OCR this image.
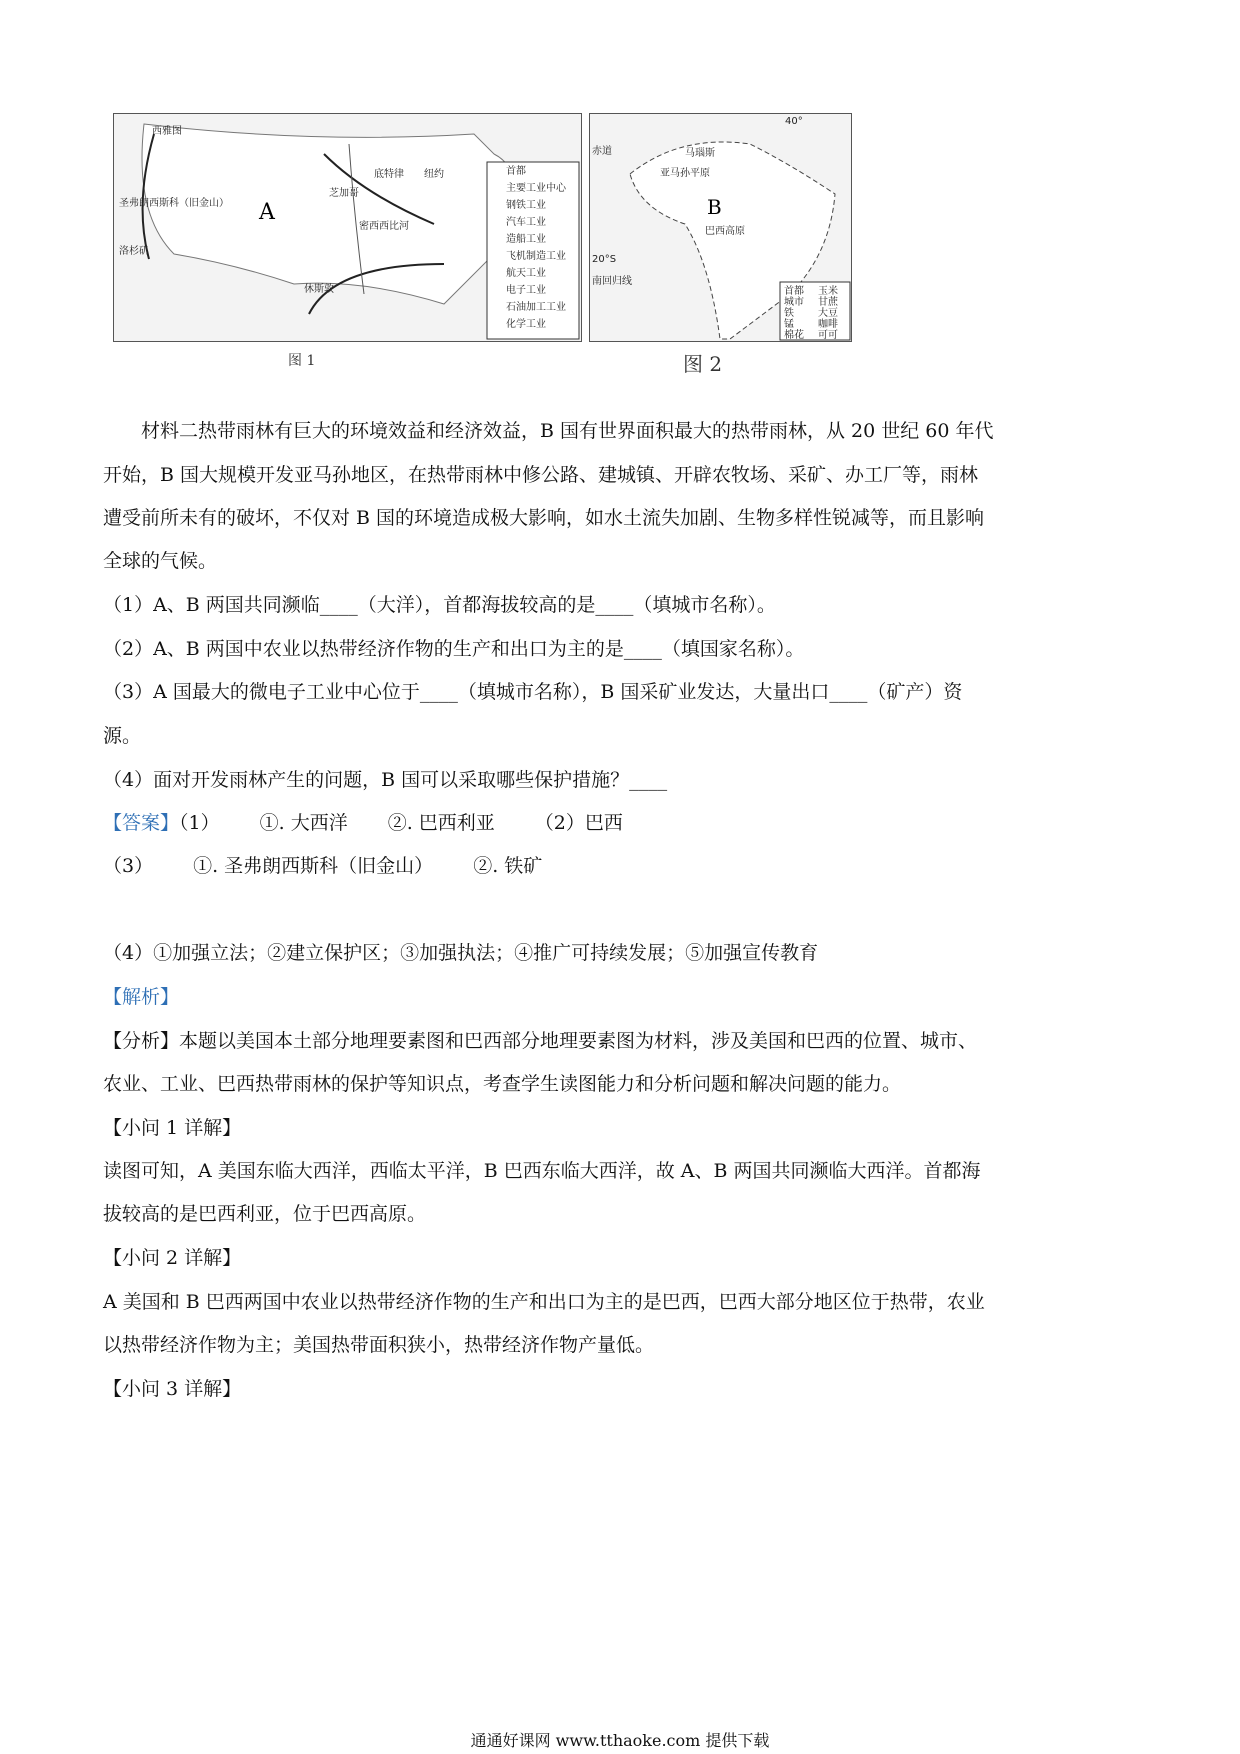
A
西雅图
圣弗朗西斯科（旧金山）
洛杉矶
芝加哥
底特律 纽约
休斯敦
密西西比河
首都
主要工业中心
钢铁工业
汽车工业
造船工业
飞机制造工业
航天工业
电子工业
石油加工工业
化学工业
图 1
B
马瑙斯
亚马孙平原
巴西高原
赤道
20°S
南回归线
40°
首都
城市
铁
锰
棉花
玉米
甘蔗
大豆
咖啡
可可
图 2
材料二热带雨林有巨大的环境效益和经济效益，B 国有世界面积最大的热带雨林，从 20 世纪 60 年代
开始，B 国大规模开发亚马孙地区，在热带雨林中修公路、建城镇、开辟农牧场、采矿、办工厂等，雨林
遭受前所未有的破坏，不仅对 B 国的环境造成极大影响，如水土流失加剧、生物多样性锐减等，而且影响
全球的气候。
（1）A、B 两国共同濒临____（大洋），首都海拔较高的是____（填城市名称）。
（2）A、B 两国中农业以热带经济作物的生产和出口为主的是____（填国家名称）。
（3）A 国最大的微电子工业中心位于____（填城市名称），B 国采矿业发达，大量出口____（矿产）资
源。
（4）面对开发雨林产生的问题，B 国可以采取哪些保护措施？____
【答案】（1） ①. 大西洋 ②. 巴西利亚 （2）巴西
（3） ①. 圣弗朗西斯科（旧金山） ②. 铁矿
（4）①加强立法；②建立保护区；③加强执法；④推广可持续发展；⑤加强宣传教育
【解析】
【分析】本题以美国本土部分地理要素图和巴西部分地理要素图为材料，涉及美国和巴西的位置、城市、
农业、工业、巴西热带雨林的保护等知识点，考查学生读图能力和分析问题和解决问题的能力。
【小问 1 详解】
读图可知，A 美国东临大西洋，西临太平洋，B 巴西东临大西洋，故 A、B 两国共同濒临大西洋。首都海
拔较高的是巴西利亚，位于巴西高原。
【小问 2 详解】
A 美国和 B 巴西两国中农业以热带经济作物的生产和出口为主的是巴西，巴西大部分地区位于热带，农业
以热带经济作物为主；美国热带面积狭小，热带经济作物产量低。
【小问 3 详解】
通通好课网 www.tthaoke.com 提供下载
